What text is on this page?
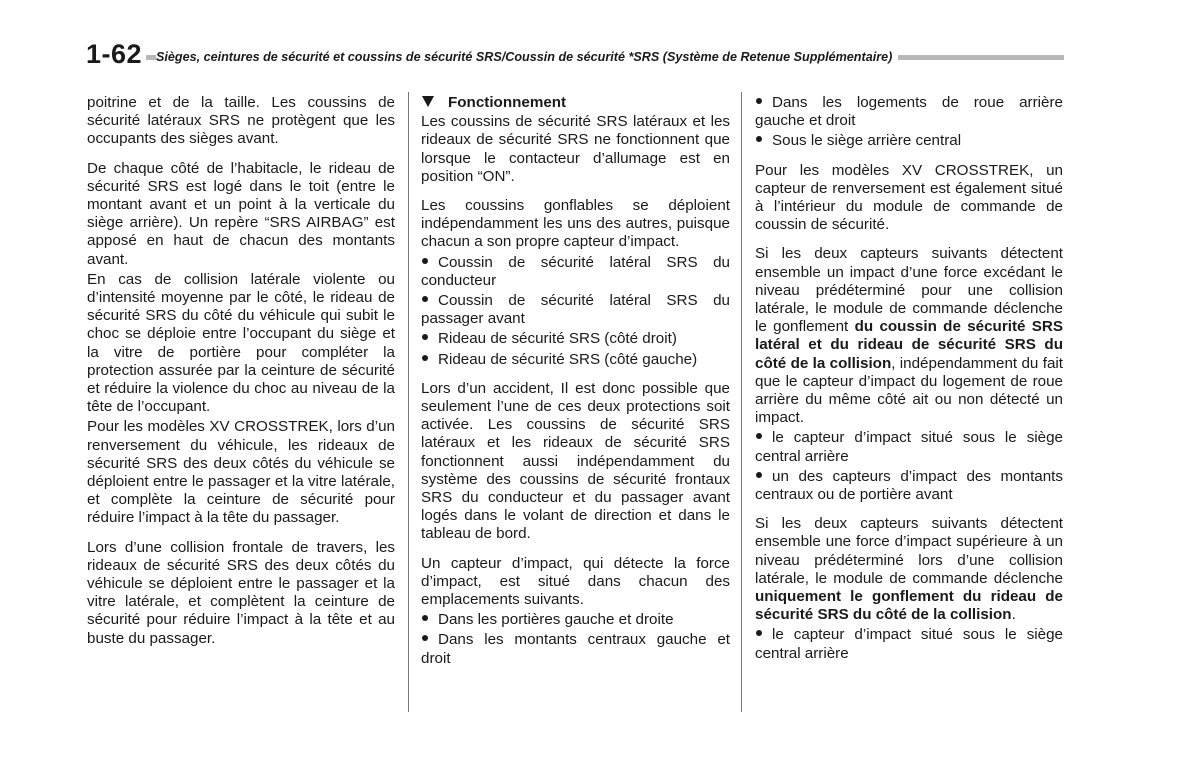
1-62 Sièges, ceintures de sécurité et coussins de sécurité SRS/Coussin de sécurité *SRS (Système de Retenue Supplémentaire)

poitrine et de la taille. Les coussins de sécurité latéraux SRS ne protègent que les occupants des sièges avant.

De chaque côté de l’habitacle, le rideau de sécurité SRS est logé dans le toit (entre le montant avant et un point à la verticale du siège arrière). Un repère “SRS AIRBAG” est apposé en haut de chacun des montants avant.

En cas de collision latérale violente ou d’intensité moyenne par le côté, le rideau de sécurité SRS du côté du véhicule qui subit le choc se déploie entre l’occupant du siège et la vitre de portière pour compléter la protection assurée par la ceinture de sécurité et réduire la violence du choc au niveau de la tête de l’occupant.

Pour les modèles XV CROSSTREK, lors d’un renversement du véhicule, les rideaux de sécurité SRS des deux côtés du véhicule se déploient entre le passager et la vitre latérale, et complète la ceinture de sécurité pour réduire l’impact à la tête du passager.

Lors d’une collision frontale de travers, les rideaux de sécurité SRS des deux côtés du véhicule se déploient entre le passager et la vitre latérale, et complètent la ceinture de sécurité pour réduire l’impact à la tête et au buste du passager.

Fonctionnement

Les coussins de sécurité SRS latéraux et les rideaux de sécurité SRS ne fonctionnent que lorsque le contacteur d’allumage est en position “ON”.

Les coussins gonflables se déploient indépendamment les uns des autres, puisque chacun a son propre capteur d’impact.

Coussin de sécurité latéral SRS du conducteur
Coussin de sécurité latéral SRS du passager avant
Rideau de sécurité SRS (côté droit)
Rideau de sécurité SRS (côté gauche)

Lors d’un accident, Il est donc possible que seulement l’une de ces deux protections soit activée. Les coussins de sécurité SRS latéraux et les rideaux de sécurité SRS fonctionnent aussi indépendamment du système des coussins de sécurité frontaux SRS du conducteur et du passager avant logés dans le volant de direction et dans le tableau de bord.

Un capteur d’impact, qui détecte la force d’impact, est situé dans chacun des emplacements suivants.

Dans les portières gauche et droite
Dans les montants centraux gauche et droit
Dans les logements de roue arrière gauche et droit
Sous le siège arrière central

Pour les modèles XV CROSSTREK, un capteur de renversement est également situé à l’intérieur du module de commande de coussin de sécurité.

Si les deux capteurs suivants détectent ensemble un impact d’une force excédant le niveau prédéterminé pour une collision latérale, le module de commande déclenche le gonflement du coussin de sécurité SRS latéral et du rideau de sécurité SRS du côté de la collision, indépendamment du fait que le capteur d’impact du logement de roue arrière du même côté ait ou non détecté un impact.

le capteur d’impact situé sous le siège central arrière
un des capteurs d’impact des montants centraux ou de portière avant

Si les deux capteurs suivants détectent ensemble une force d’impact supérieure à un niveau prédéterminé lors d’une collision latérale, le module de commande déclenche uniquement le gonflement du rideau de sécurité SRS du côté de la collision.

le capteur d’impact situé sous le siège central arrière
